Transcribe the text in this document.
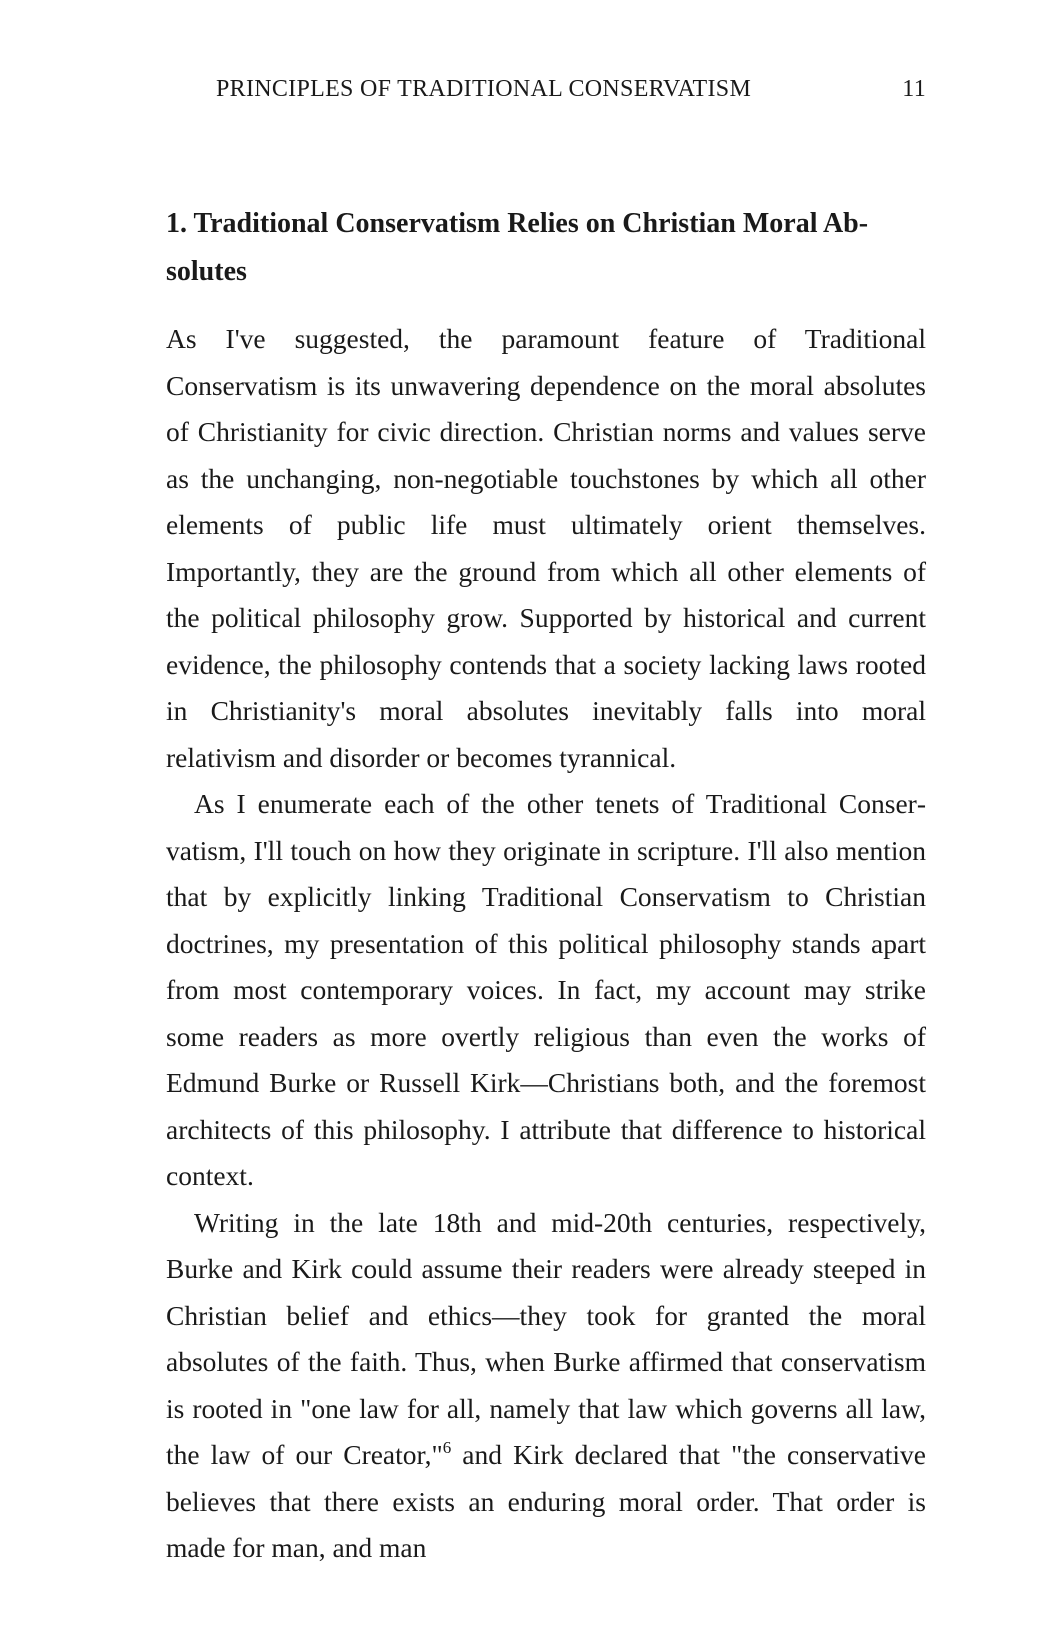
PRINCIPLES OF TRADITIONAL CONSERVATISM	11
1. Traditional Conservatism Relies on Christian Moral Absolutes

As I've suggested, the paramount feature of Traditional Conservatism is its unwavering dependence on the moral absolutes of Christianity for civic direction. Christian norms and values serve as the unchanging, non-negotiable touchstones by which all other elements of public life must ultimately orient themselves. Importantly, they are the ground from which all other elements of the political philosophy grow. Supported by historical and current evidence, the philosophy contends that a society lacking laws rooted in Christianity's moral absolutes inevitably falls into moral relativism and disorder or becomes tyrannical.

As I enumerate each of the other tenets of Traditional Conservatism, I'll touch on how they originate in scripture. I'll also mention that by explicitly linking Traditional Conservatism to Christian doctrines, my presentation of this political philosophy stands apart from most contemporary voices. In fact, my account may strike some readers as more overtly religious than even the works of Edmund Burke or Russell Kirk—Christians both, and the foremost architects of this philosophy. I attribute that difference to historical context.

Writing in the late 18th and mid-20th centuries, respectively, Burke and Kirk could assume their readers were already steeped in Christian belief and ethics—they took for granted the moral absolutes of the faith. Thus, when Burke affirmed that conservatism is rooted in "one law for all, namely that law which governs all law, the law of our Creator,"$^6$ and Kirk declared that "the conservative believes that there exists an enduring moral order. That order is made for man, and man
